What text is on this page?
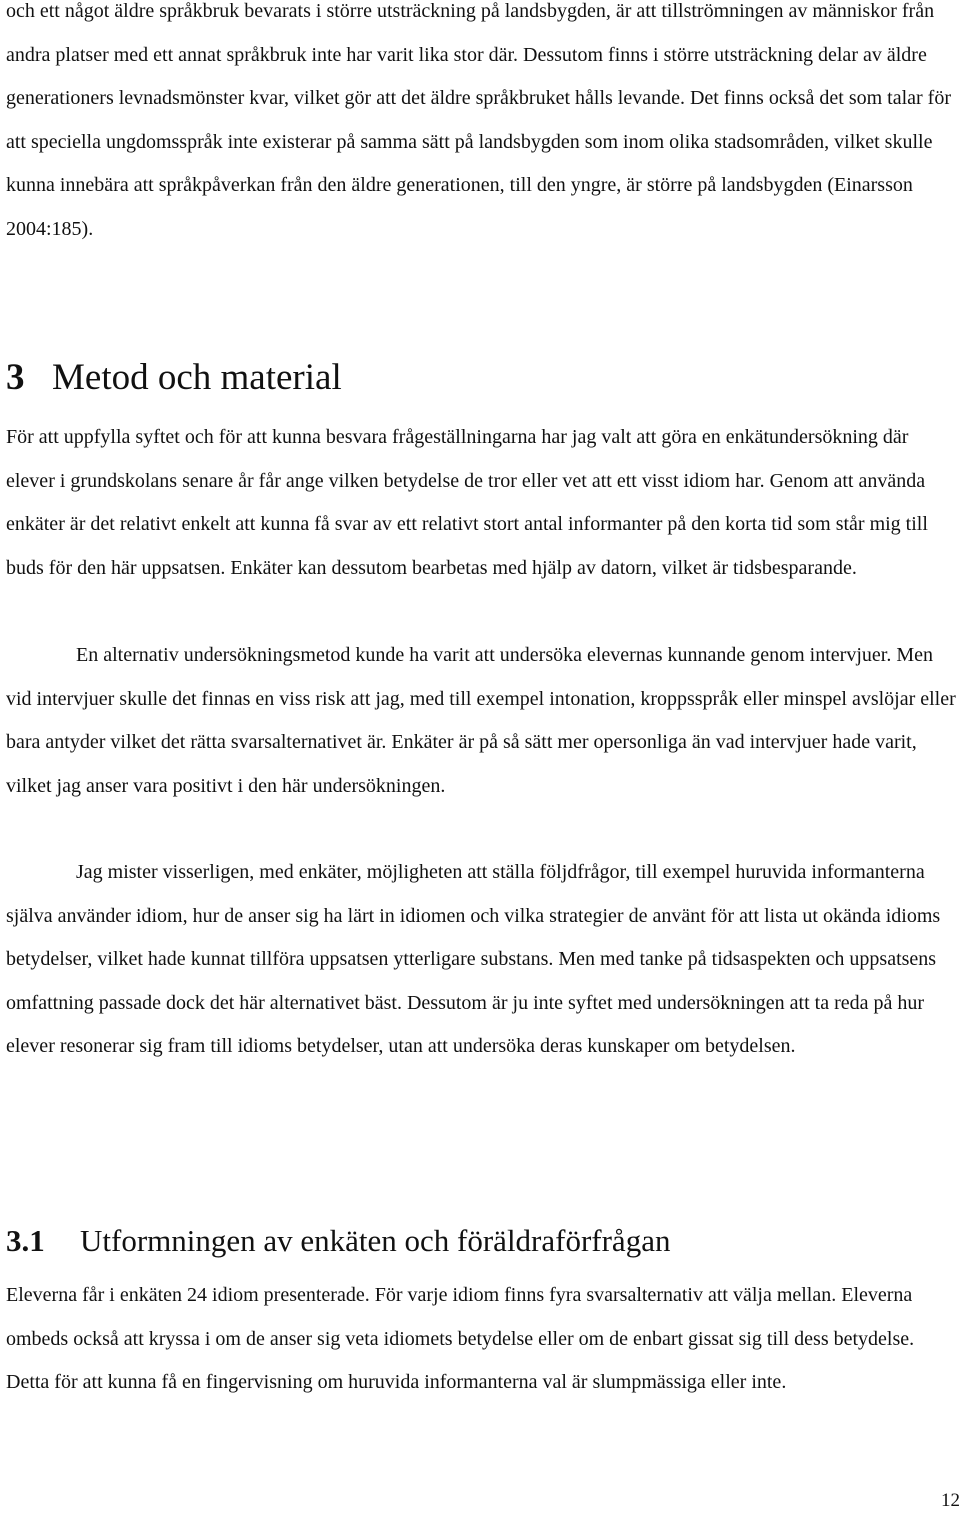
och ett något äldre språkbruk bevarats i större utsträckning på landsbygden, är att tillströmningen av människor från andra platser med ett annat språkbruk inte har varit lika stor där. Dessutom finns i större utsträckning delar av äldre generationers levnadsmönster kvar, vilket gör att det äldre språkbruket hålls levande. Det finns också det som talar för att speciella ungdomsspråk inte existerar på samma sätt på landsbygden som inom olika stadsområden, vilket skulle kunna innebära att språkpåverkan från den äldre generationen, till den yngre, är större på landsbygden (Einarsson 2004:185).

3 Metod och material

För att uppfylla syftet och för att kunna besvara frågeställningarna har jag valt att göra en enkätundersökning där elever i grundskolans senare år får ange vilken betydelse de tror eller vet att ett visst idiom har. Genom att använda enkäter är det relativt enkelt att kunna få svar av ett relativt stort antal informanter på den korta tid som står mig till buds för den här uppsatsen. Enkäter kan dessutom bearbetas med hjälp av datorn, vilket är tidsbesparande.

En alternativ undersökningsmetod kunde ha varit att undersöka elevernas kunnande genom intervjuer. Men vid intervjuer skulle det finnas en viss risk att jag, med till exempel intonation, kroppsspråk eller minspel avslöjar eller bara antyder vilket det rätta svarsalternativet är. Enkäter är på så sätt mer opersonliga än vad intervjuer hade varit, vilket jag anser vara positivt i den här undersökningen.

Jag mister visserligen, med enkäter, möjligheten att ställa följdfrågor, till exempel huruvida informanterna själva använder idiom, hur de anser sig ha lärt in idiomen och vilka strategier de använt för att lista ut okända idioms betydelser, vilket hade kunnat tillföra uppsatsen ytterligare substans. Men med tanke på tidsaspekten och uppsatsens omfattning passade dock det här alternativet bäst. Dessutom är ju inte syftet med undersökningen att ta reda på hur elever resonerar sig fram till idioms betydelser, utan att undersöka deras kunskaper om betydelsen.

3.1 Utformningen av enkäten och föräldraförfrågan

Eleverna får i enkäten 24 idiom presenterade. För varje idiom finns fyra svarsalternativ att välja mellan. Eleverna ombeds också att kryssa i om de anser sig veta idiomets betydelse eller om de enbart gissat sig till dess betydelse. Detta för att kunna få en fingervisning om huruvida informanterna val är slumpmässiga eller inte.

12
